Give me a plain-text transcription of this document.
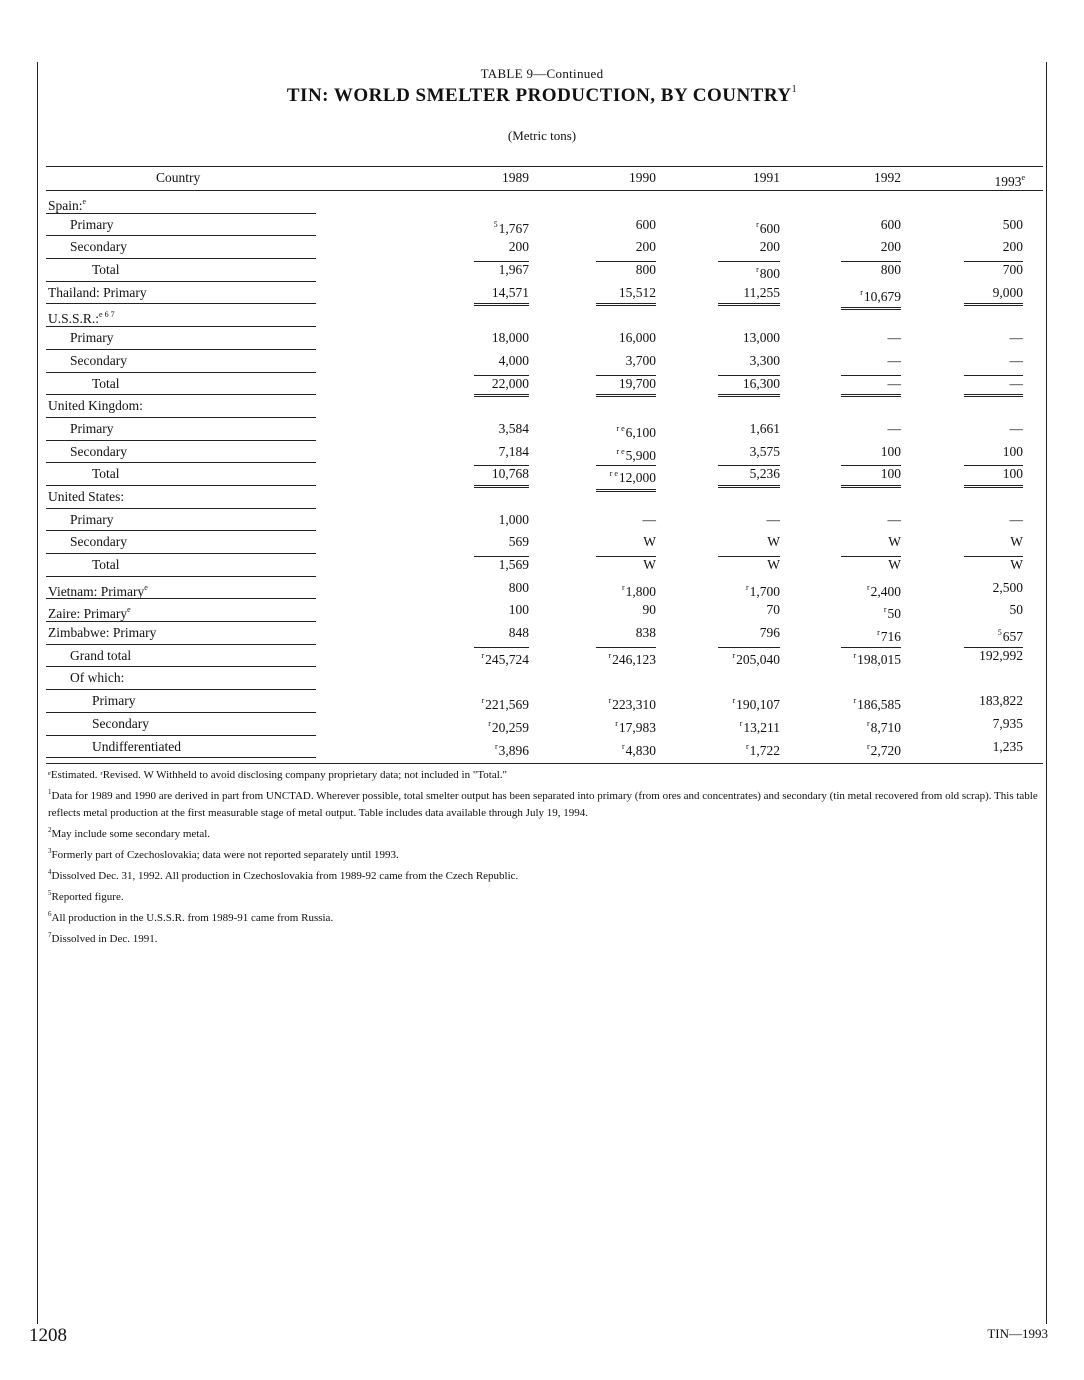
TABLE 9—Continued
TIN: WORLD SMELTER PRODUCTION, BY COUNTRY$^1$
(Metric tons)
Country	1989	1990	1991	1992	1993e
Spain:$^e$
Primary	$^5$1,767	600	$^r$600	600	500
Secondary	200	200	200	200	200
Total	1,967	800	$^r$800	800	700
Thailand: Primary	14,571	15,512	11,255	$^r$10,679	9,000
U.S.S.R.:$^{e 6 7}$
Primary	18,000	16,000	13,000	—	—
Secondary	4,000	3,700	3,300	—	—
Total	22,000	19,700	16,300	—	—
United Kingdom:
Primary	3,584	$^{r e}$6,100	1,661	—	—
Secondary	7,184	$^{r e}$5,900	3,575	100	100
Total	10,768	$^{r e}$12,000	5,236	100	100
United States:
Primary	1,000	—	—	—	—
Secondary	569	W	W	W	W
Total	1,569	W	W	W	W
Vietnam: Primary$^e$	800	$^r$1,800	$^r$1,700	$^r$2,400	2,500
Zaire: Primary$^e$	100	90	70	$^r$50	50
Zimbabwe: Primary	848	838	796	$^r$716	$^5$657
Grand total	$^r$245,724	$^r$246,123	$^r$205,040	$^r$198,015	192,992
Of which:
Primary	$^r$221,569	$^r$223,310	$^r$190,107	$^r$186,585	183,822
Secondary	$^r$20,259	$^r$17,983	$^r$13,211	$^r$8,710	7,935
Undifferentiated	$^r$3,896	$^r$4,830	$^r$1,722	$^r$2,720	1,235

ᵉEstimated. ʳRevised. W Withheld to avoid disclosing company proprietary data; not included in "Total."

$^1$Data for 1989 and 1990 are derived in part from UNCTAD. Wherever possible, total smelter output has been separated into primary (from ores and concentrates) and secondary (tin metal recovered from old scrap). This table reflects metal production at the first measurable stage of metal output. Table includes data available through July 19, 1994.

$^2$May include some secondary metal.

$^3$Formerly part of Czechoslovakia; data were not reported separately until 1993.

$^4$Dissolved Dec. 31, 1992. All production in Czechoslovakia from 1989-92 came from the Czech Republic.

$^5$Reported figure.

$^6$All production in the U.S.S.R. from 1989-91 came from Russia.

$^7$Dissolved in Dec. 1991.

1208	TIN—1993
